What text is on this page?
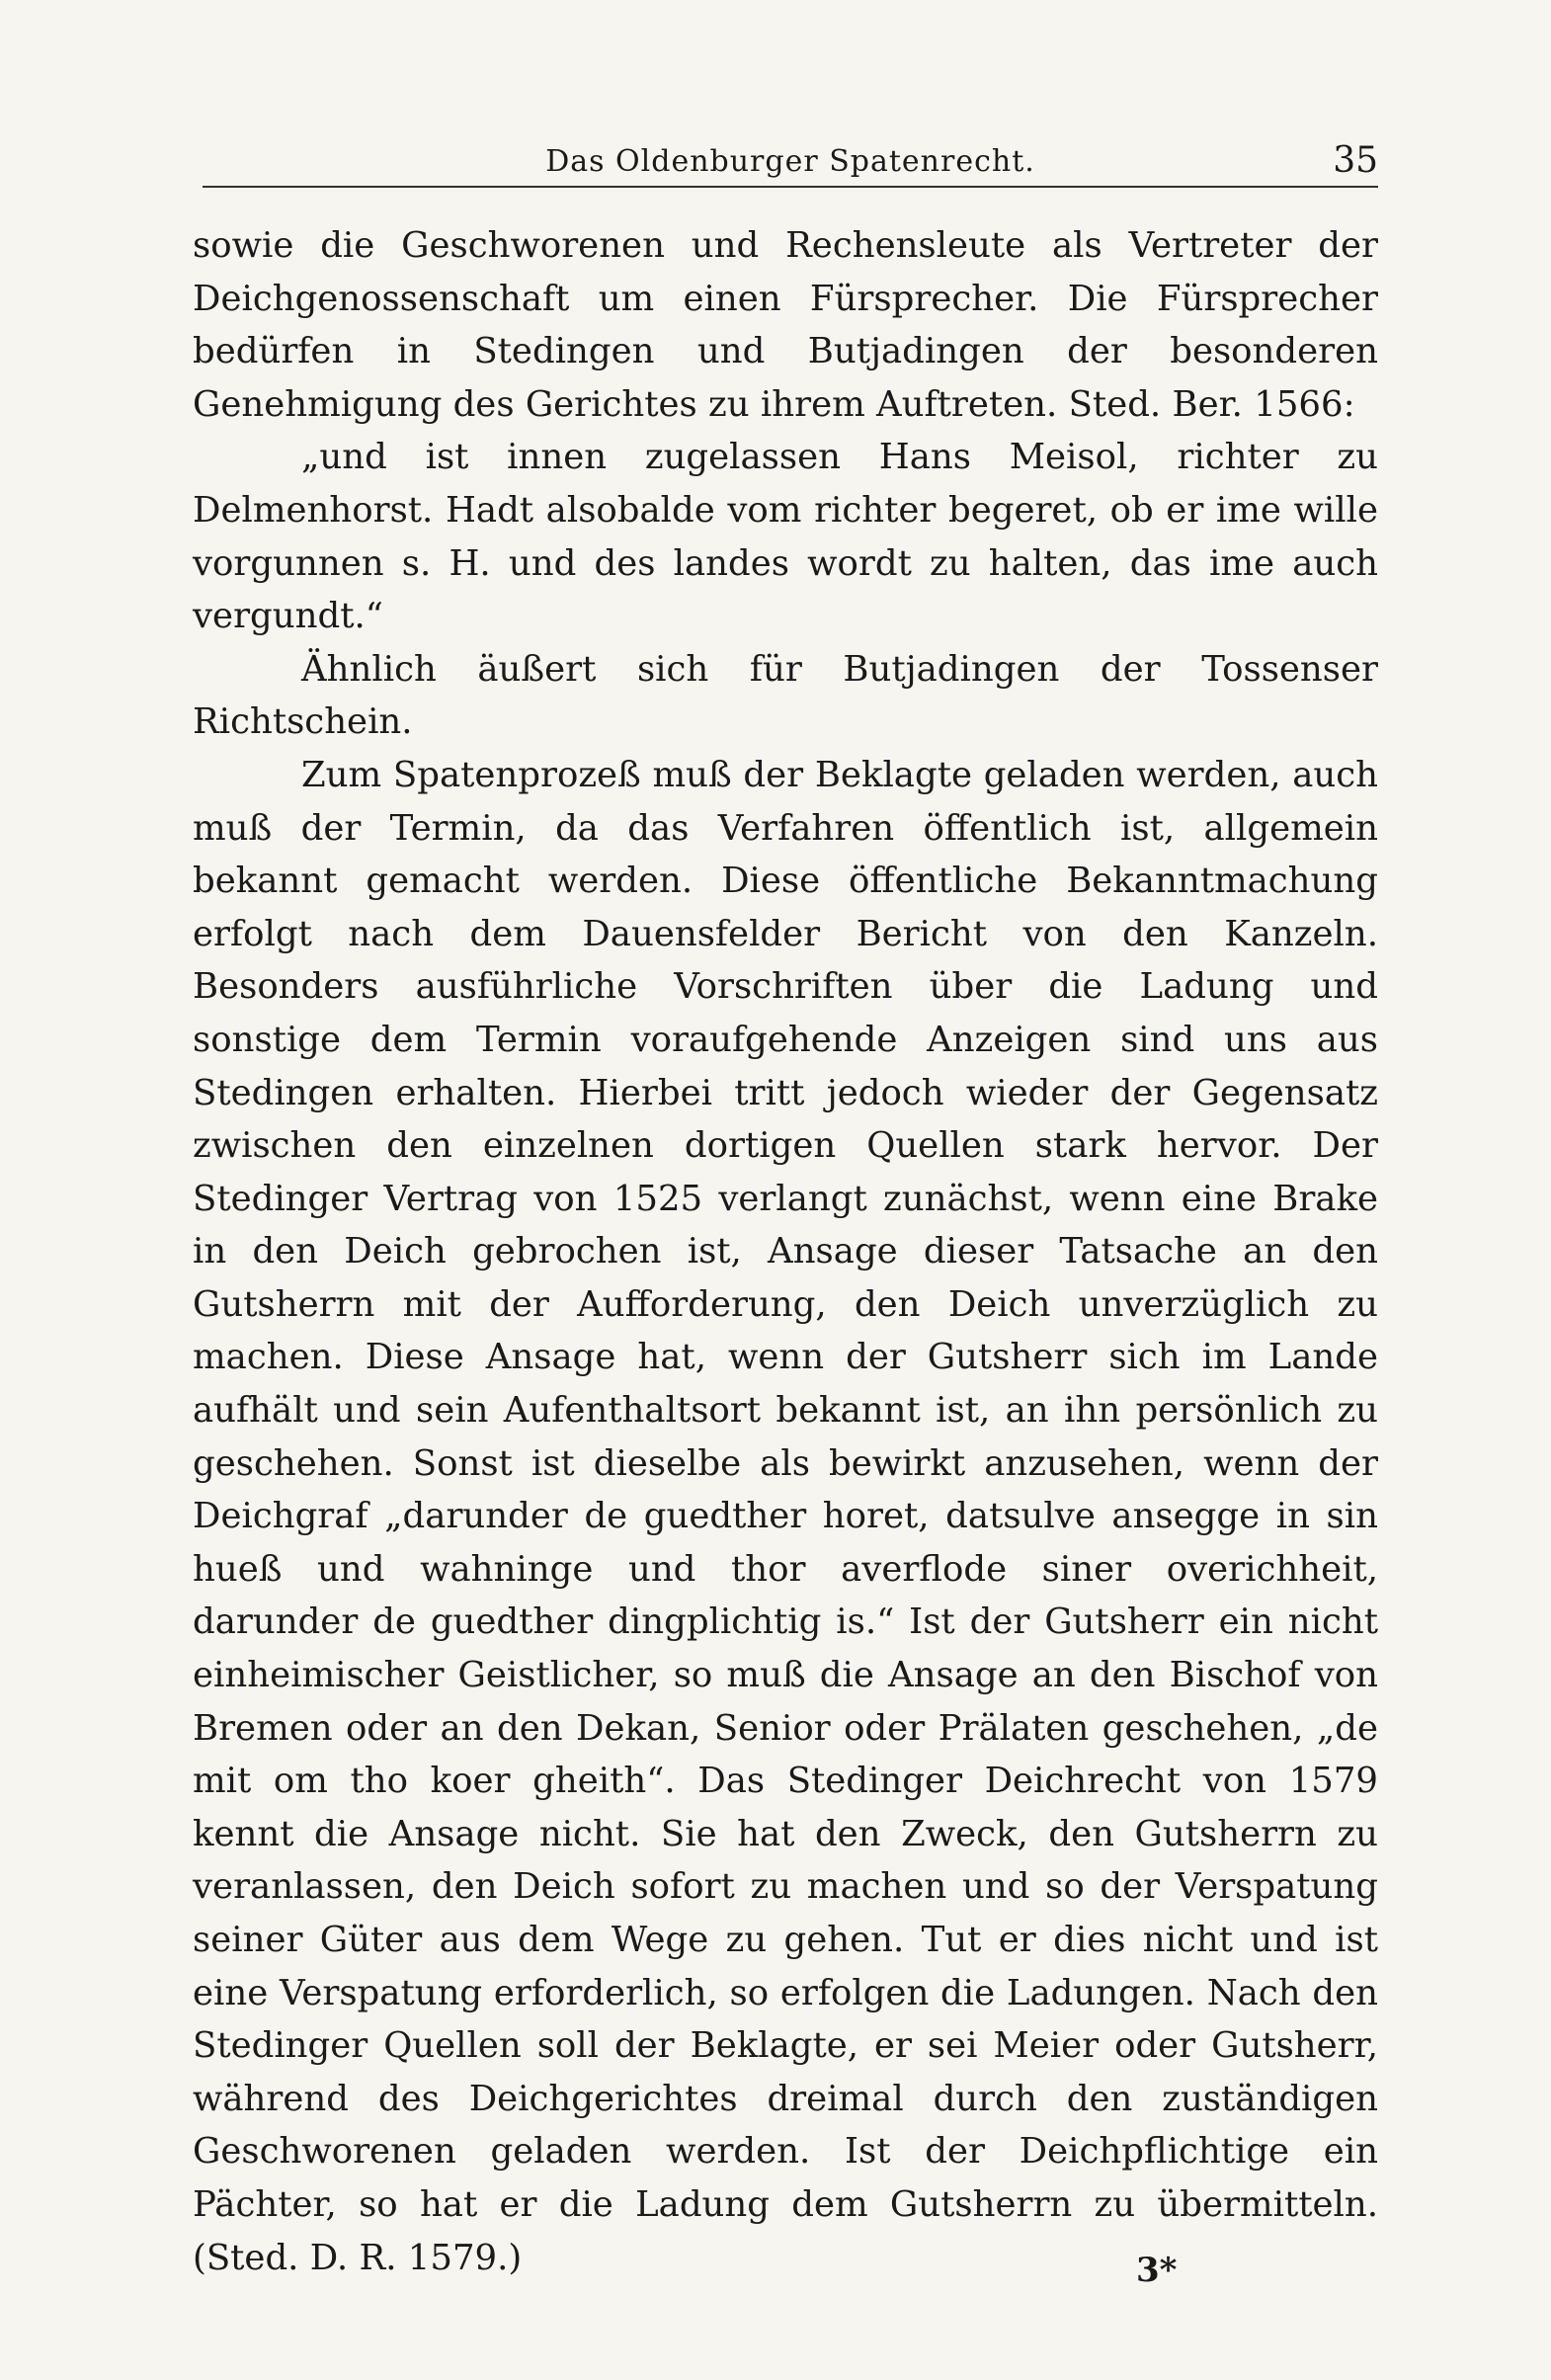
Das Oldenburger Spatenrecht.	35

sowie die Geschworenen und Rechensleute als Vertreter der Deichgenossenschaft um einen Fürsprecher. Die Fürsprecher bedürfen in Stedingen und Butjadingen der besonderen Genehmigung des Gerichtes zu ihrem Auftreten. Sted. Ber. 1566:

„und ist innen zugelassen Hans Meisol, richter zu Delmenhorst. Hadt alsobalde vom richter begeret, ob er ime wille vorgunnen s. H. und des landes wordt zu halten, das ime auch vergundt.“

Ähnlich äußert sich für Butjadingen der Tossenser Richtschein.

Zum Spatenprozeß muß der Beklagte geladen werden, auch muß der Termin, da das Verfahren öffentlich ist, allgemein bekannt gemacht werden. Diese öffentliche Bekanntmachung erfolgt nach dem Dauensfelder Bericht von den Kanzeln. Besonders ausführliche Vorschriften über die Ladung und sonstige dem Termin voraufgehende Anzeigen sind uns aus Stedingen erhalten. Hierbei tritt jedoch wieder der Gegensatz zwischen den einzelnen dortigen Quellen stark hervor. Der Stedinger Vertrag von 1525 verlangt zunächst, wenn eine Brake in den Deich gebrochen ist, Ansage dieser Tatsache an den Gutsherrn mit der Aufforderung, den Deich unverzüglich zu machen. Diese Ansage hat, wenn der Gutsherr sich im Lande aufhält und sein Aufenthaltsort bekannt ist, an ihn persönlich zu geschehen. Sonst ist dieselbe als bewirkt anzusehen, wenn der Deichgraf „darunder de guedther horet, datsulve ansegge in sin hueß und wahninge und thor averflode siner overichheit, darunder de guedther dingplichtig is.“ Ist der Gutsherr ein nicht einheimischer Geistlicher, so muß die Ansage an den Bischof von Bremen oder an den Dekan, Senior oder Prälaten geschehen, „de mit om tho koer gheith“. Das Stedinger Deichrecht von 1579 kennt die Ansage nicht. Sie hat den Zweck, den Gutsherrn zu veranlassen, den Deich sofort zu machen und so der Verspatung seiner Güter aus dem Wege zu gehen. Tut er dies nicht und ist eine Verspatung erforderlich, so erfolgen die Ladungen. Nach den Stedinger Quellen soll der Beklagte, er sei Meier oder Gutsherr, während des Deichgerichtes dreimal durch den zuständigen Geschworenen geladen werden. Ist der Deichpflichtige ein Pächter, so hat er die Ladung dem Gutsherrn zu übermitteln. (Sted. D. R. 1579.)	3*
